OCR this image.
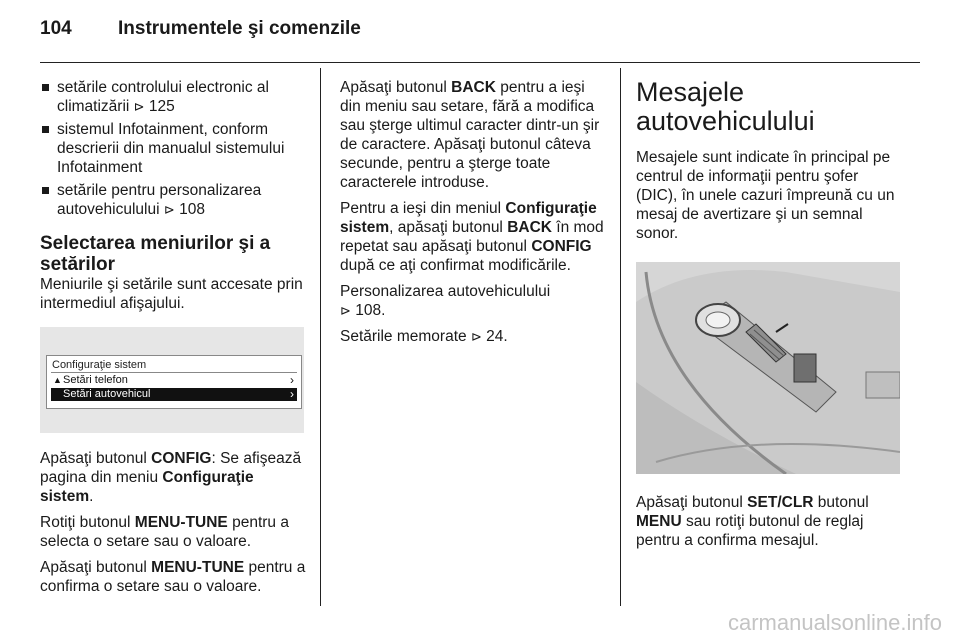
104	Instrumentele şi comenzile
setările controlului electronic al climatizării ⊳ 125
sistemul Infotainment, conform descrierii din manualul sistemului Infotainment
setările pentru personalizarea autovehiculului ⊳ 108
Selectarea meniurilor şi a setărilor

Meniurile şi setările sunt accesate prin intermediul afişajului.

Configuraţie sistem
▲ Setări telefon	›
Setări autovehicul	›

Apăsaţi butonul CONFIG: Se afişează pagina din meniu Configuraţie sistem.

Rotiţi butonul MENU-TUNE pentru a selecta o setare sau o valoare.

Apăsaţi butonul MENU-TUNE pentru a confirma o setare sau o valoare.

Apăsaţi butonul BACK pentru a ieşi din meniu sau setare, fără a modifica sau şterge ultimul caracter dintr-un şir de caractere. Apăsaţi butonul câteva secunde, pentru a şterge toate caracterele introduse.

Pentru a ieşi din meniul Configuraţie sistem, apăsaţi butonul BACK în mod repetat sau apăsaţi butonul CONFIG după ce aţi confirmat modificările.

Personalizarea autovehiculului
⊳ 108.

Setările memorate ⊳ 24.

Mesajele autovehiculului

Mesajele sunt indicate în principal pe centrul de informaţii pentru şofer (DIC), în unele cazuri împreună cu un mesaj de avertizare şi un semnal sonor.

Apăsaţi butonul SET/CLR butonul MENU sau rotiţi butonul de reglaj pentru a confirma mesajul.

carmanualsonline.info
